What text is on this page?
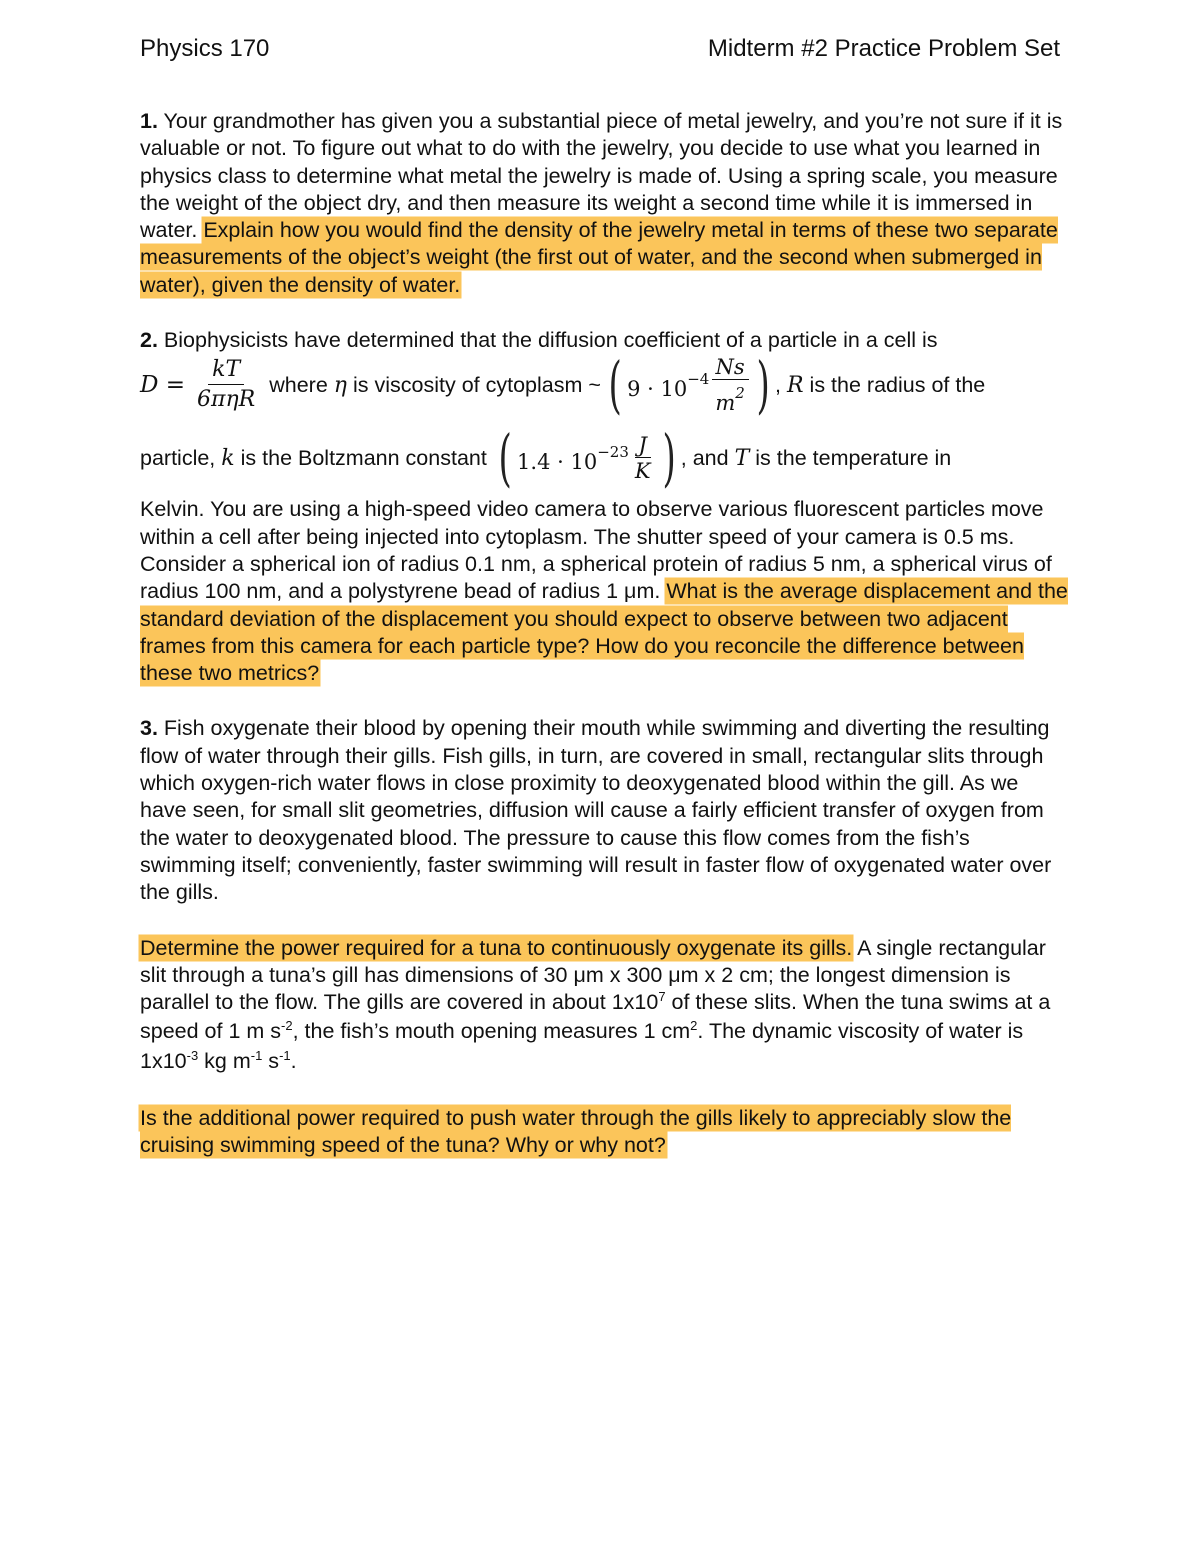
Physics 170	Midterm #2 Practice Problem Set

1. Your grandmother has given you a substantial piece of metal jewelry, and you’re not sure if it is valuable or not. To figure out what to do with the jewelry, you decide to use what you learned in physics class to determine what metal the jewelry is made of. Using a spring scale, you measure the weight of the object dry, and then measure its weight a second time while it is immersed in water. Explain how you would find the density of the jewelry metal in terms of these two separate measurements of the object’s weight (the first out of water, and the second when submerged in water), given the density of water.

2. Biophysicists have determined that the diffusion coefficient of a particle in a cell is

$D = \frac{kT}{\text{6πηR}}$ where η is viscosity of cytoplasm ~ ( $9 \cdot 10^{-4} \frac{Ns}{m^2}$ ) , R is the radius of the
particle, k is the Boltzmann constant ( $1.4 \cdot 10^{-23} \frac{J}{K}$ ) , and T is the temperature in

Kelvin. You are using a high-speed video camera to observe various fluorescent particles move within a cell after being injected into cytoplasm. The shutter speed of your camera is 0.5 ms. Consider a spherical ion of radius 0.1 nm, a spherical protein of radius 5 nm, a spherical virus of radius 100 nm, and a polystyrene bead of radius 1 μm. What is the average displacement and the standard deviation of the displacement you should expect to observe between two adjacent frames from this camera for each particle type? How do you reconcile the difference between these two metrics?

3. Fish oxygenate their blood by opening their mouth while swimming and diverting the resulting flow of water through their gills. Fish gills, in turn, are covered in small, rectangular slits through which oxygen-rich water flows in close proximity to deoxygenated blood within the gill. As we have seen, for small slit geometries, diffusion will cause a fairly efficient transfer of oxygen from the water to deoxygenated blood. The pressure to cause this flow comes from the fish’s swimming itself; conveniently, faster swimming will result in faster flow of oxygenated water over the gills.

Determine the power required for a tuna to continuously oxygenate its gills. A single rectangular slit through a tuna’s gill has dimensions of 30 μm x 300 μm x 2 cm; the longest dimension is parallel to the flow. The gills are covered in about $1x10^7$ of these slits. When the tuna swims at a speed of 1 m $s^{-2}$, the fish’s mouth opening measures 1 $cm^2$. The dynamic viscosity of water is $1x10^{-3}$ kg $m^{-1}$ $s^{-1}$.

Is the additional power required to push water through the gills likely to appreciably slow the cruising swimming speed of the tuna? Why or why not?
